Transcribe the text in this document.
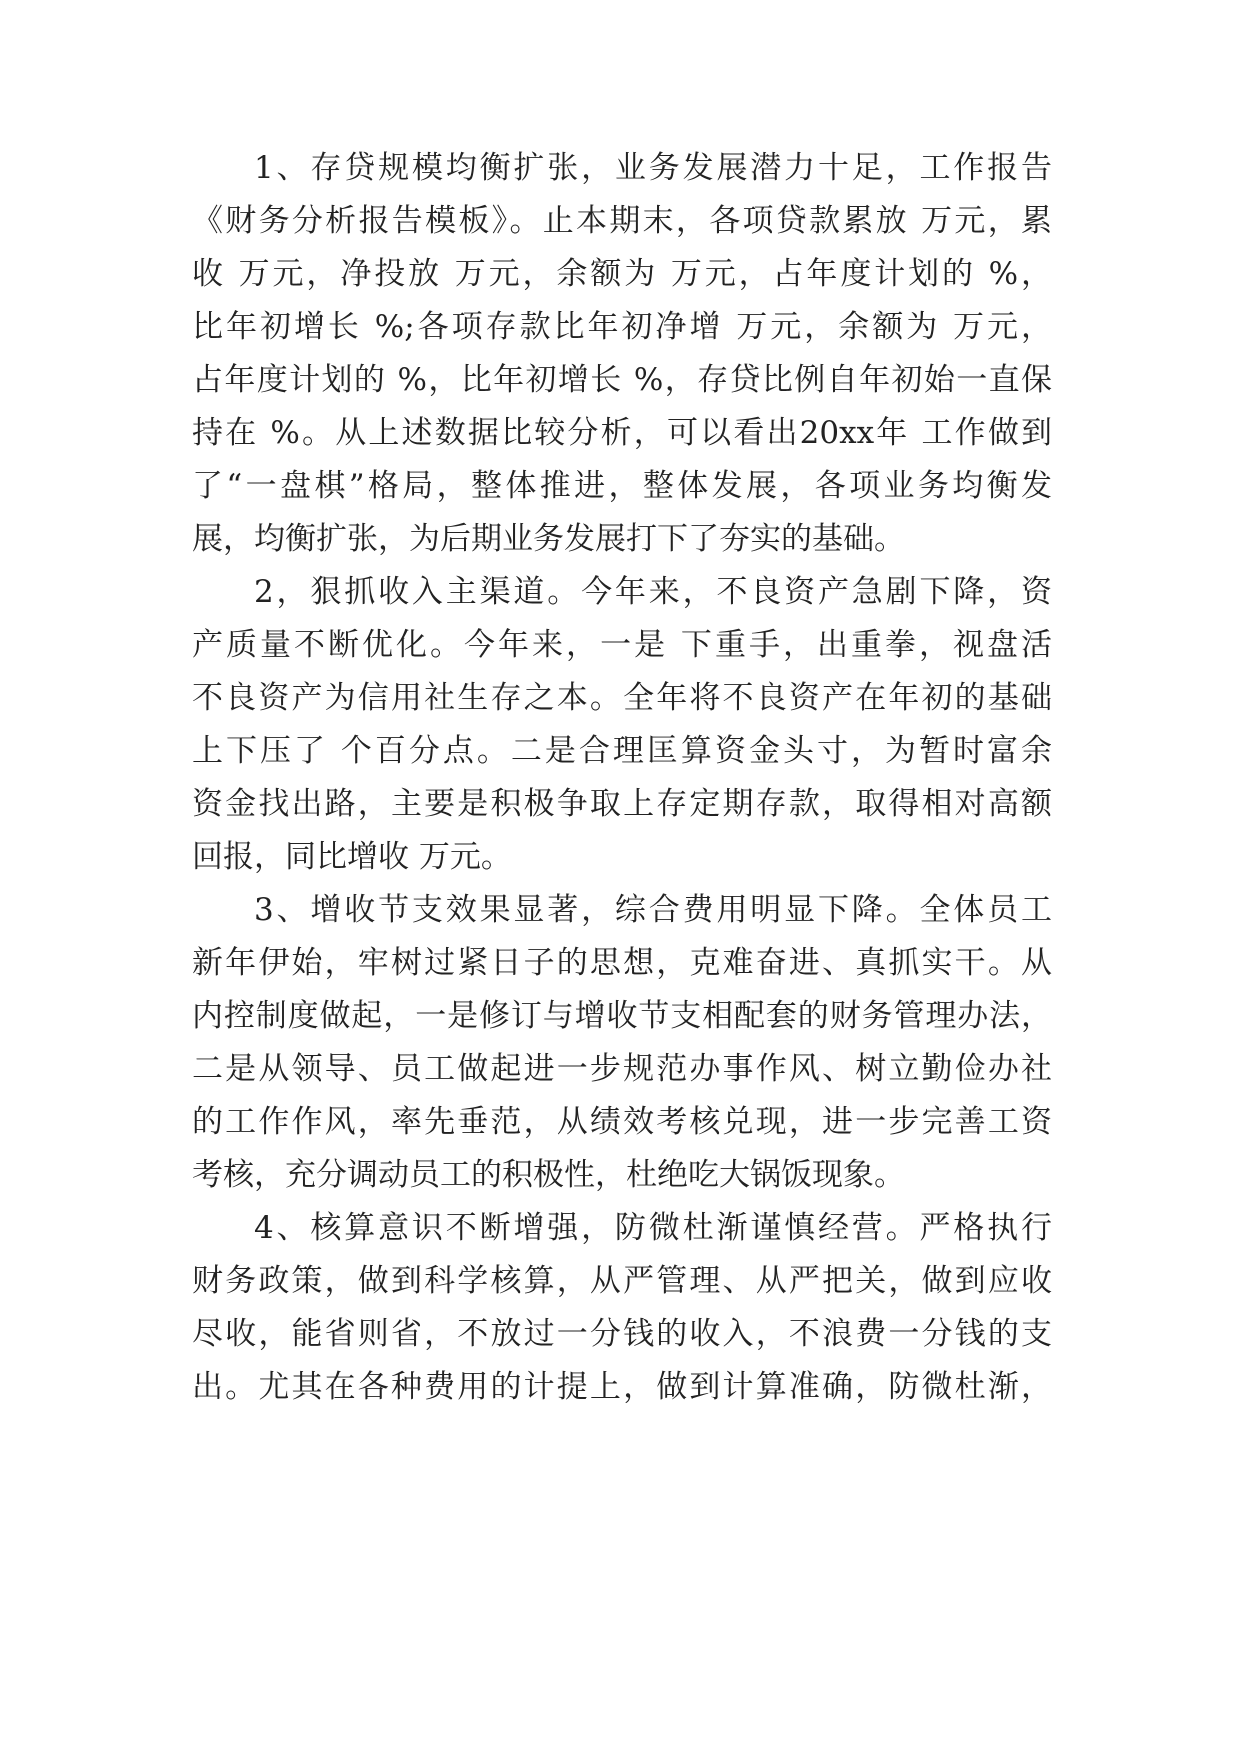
1、存贷规模均衡扩张，业务发展潜力十足，工作报告

《财务分析报告模板》。止本期末，各项贷款累放 万元，累

收 万元，净投放 万元，余额为 万元，占年度计划的 %，

比年初增长 %;各项存款比年初净增 万元，余额为 万元，

占年度计划的 %，比年初增长 %，存贷比例自年初始一直保

持在 %。从上述数据比较分析，可以看出20xx年 工作做到

了“一盘棋”格局，整体推进，整体发展，各项业务均衡发

展，均衡扩张，为后期业务发展打下了夯实的基础。

2，狠抓收入主渠道。今年来，不良资产急剧下降，资

产质量不断优化。今年来，一是 下重手，出重拳，视盘活

不良资产为信用社生存之本。全年将不良资产在年初的基础

上下压了 个百分点。二是合理匡算资金头寸，为暂时富余

资金找出路，主要是积极争取上存定期存款，取得相对高额

回报，同比增收 万元。

3、增收节支效果显著，综合费用明显下降。全体员工

新年伊始，牢树过紧日子的思想，克难奋进、真抓实干。从

内控制度做起，一是修订与增收节支相配套的财务管理办法，

二是从领导、员工做起进一步规范办事作风、树立勤俭办社

的工作作风，率先垂范，从绩效考核兑现，进一步完善工资

考核，充分调动员工的积极性，杜绝吃大锅饭现象。

4、核算意识不断增强，防微杜渐谨慎经营。严格执行

财务政策，做到科学核算，从严管理、从严把关，做到应收

尽收，能省则省，不放过一分钱的收入，不浪费一分钱的支

出。尤其在各种费用的计提上，做到计算准确，防微杜渐，
